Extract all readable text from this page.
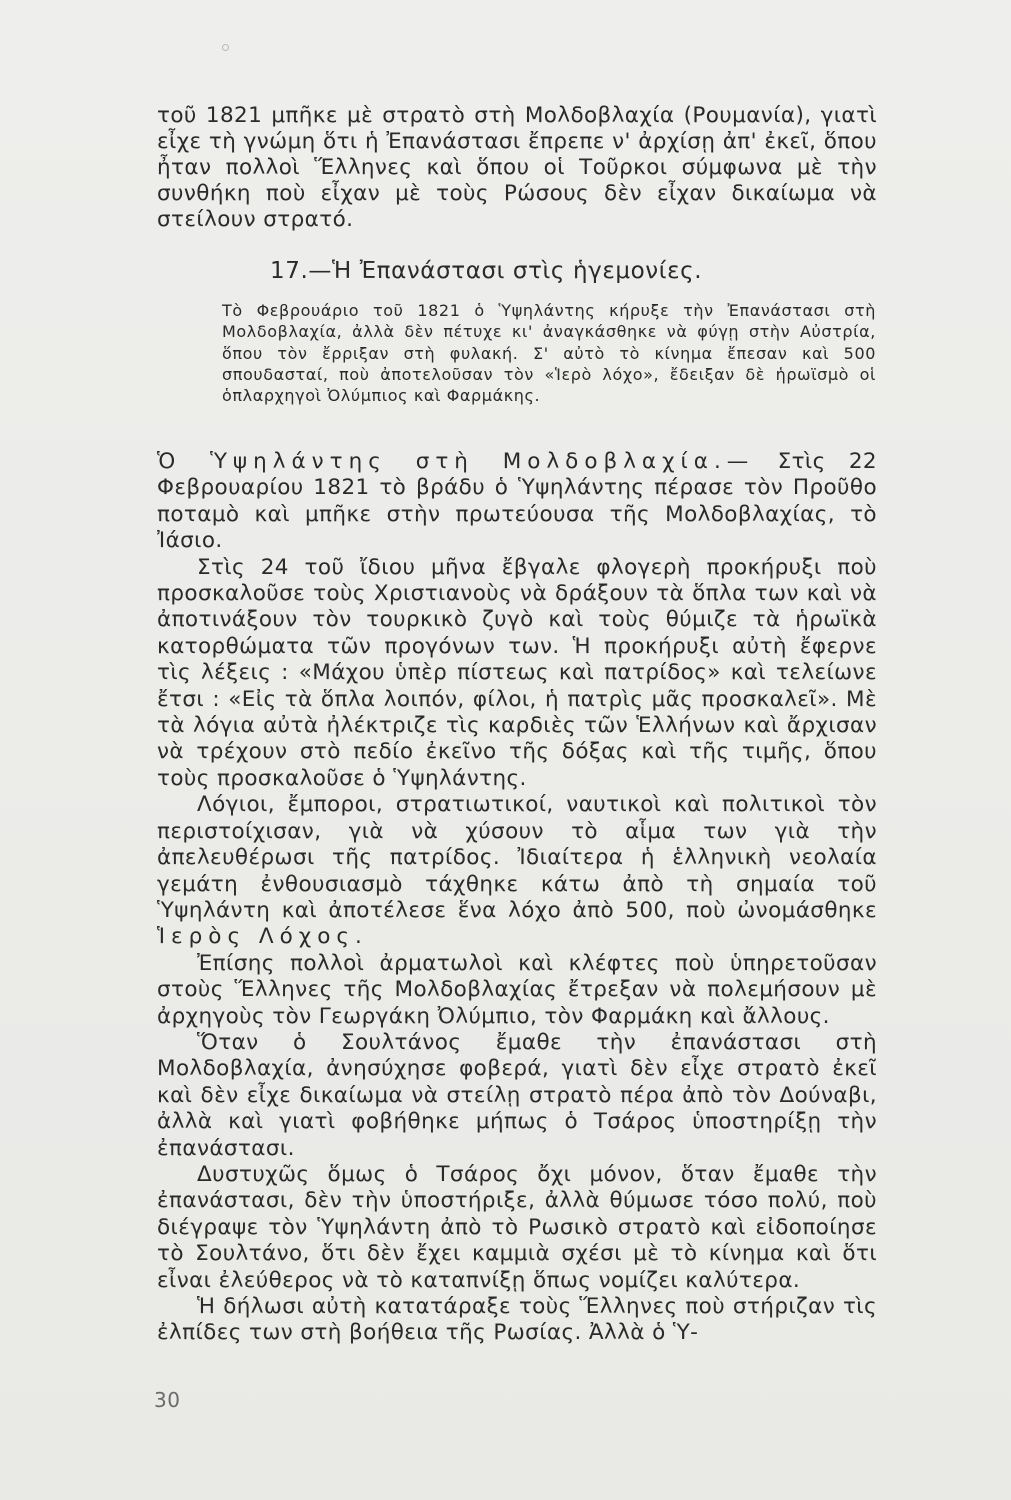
τοῦ 1821 μπῆκε μὲ στρατὸ στὴ Μολδοβλαχία (Ρουμανία), γιατὶ εἶχε τὴ γνώμη ὅτι ἡ Ἐπανάστασι ἔπρεπε ν' ἀρχίσῃ ἀπ' ἐκεῖ, ὅπου ἦταν πολλοὶ Ἕλληνες καὶ ὅπου οἱ Τοῦρκοι σύμφωνα μὲ τὴν συνθήκη ποὺ εἶχαν μὲ τοὺς Ρώσους δὲν εἶχαν δικαίωμα νὰ στείλουν στρατό.
17.—Ἡ Ἐπανάστασι στὶς ἡγεμονίες.
Τὸ Φεβρουάριο τοῦ 1821 ὁ Ὑψηλάντης κήρυξε τὴν Ἐπανάστασι στὴ Μολδοβλαχία, ἀλλὰ δὲν πέτυχε κι' ἀναγκάσθηκε νὰ φύγῃ στὴν Αὐστρία, ὅπου τὸν ἔρριξαν στὴ φυλακή. Σ' αὐτὸ τὸ κίνημα ἔπεσαν καὶ 500 σπουδασταί, ποὺ ἀποτελοῦσαν τὸν «Ἱερὸ λόχο», ἔδειξαν δὲ ἡρωϊσμὸ οἱ ὁπλαρχηγοὶ Ὀλύμπιος καὶ Φαρμάκης.

Ὁ Ὑψηλάντης στὴ Μολδοβλαχία.— Στὶς 22 Φεβρουαρίου 1821 τὸ βράδυ ὁ Ὑψηλάντης πέρασε τὸν Προῦθο ποταμὸ καὶ μπῆκε στὴν πρωτεύουσα τῆς Μολδοβλαχίας, τὸ Ἰάσιο.

Στὶς 24 τοῦ ἴδιου μῆνα ἔβγαλε φλογερὴ προκήρυξι ποὺ προσκαλοῦσε τοὺς Χριστιανοὺς νὰ δράξουν τὰ ὅπλα των καὶ νὰ ἀποτινάξουν τὸν τουρκικὸ ζυγὸ καὶ τοὺς θύμιζε τὰ ἡρωϊκὰ κατορθώματα τῶν προγόνων των. Ἡ προκήρυξι αὐτὴ ἔφερνε τὶς λέξεις : «Μάχου ὑπὲρ πίστεως καὶ πατρίδος» καὶ τελείωνε ἔτσι : «Εἰς τὰ ὅπλα λοιπόν, φίλοι, ἡ πατρὶς μᾶς προσκαλεῖ». Μὲ τὰ λόγια αὐτὰ ἠλέκτριζε τὶς καρδιὲς τῶν Ἑλλήνων καὶ ἄρχισαν νὰ τρέχουν στὸ πεδίο ἐκεῖνο τῆς δόξας καὶ τῆς τιμῆς, ὅπου τοὺς προσκαλοῦσε ὁ Ὑψηλάντης.

Λόγιοι, ἔμποροι, στρατιωτικοί, ναυτικοὶ καὶ πολιτικοὶ τὸν περιστοίχισαν, γιὰ νὰ χύσουν τὸ αἷμα των γιὰ τὴν ἀπελευθέρωσι τῆς πατρίδος. Ἰδιαίτερα ἡ ἑλληνικὴ νεολαία γεμάτη ἐνθουσιασμὸ τάχθηκε κάτω ἀπὸ τὴ σημαία τοῦ Ὑψηλάντη καὶ ἀποτέλεσε ἕνα λόχο ἀπὸ 500, ποὺ ὠνομάσθηκε Ἱερὸς Λόχος.

Ἐπίσης πολλοὶ ἀρματωλοὶ καὶ κλέφτες ποὺ ὑπηρετοῦσαν στοὺς Ἕλληνες τῆς Μολδοβλαχίας ἔτρεξαν νὰ πολεμήσουν μὲ ἀρχηγοὺς τὸν Γεωργάκη Ὀλύμπιο, τὸν Φαρμάκη καὶ ἄλλους.

Ὅταν ὁ Σουλτάνος ἔμαθε τὴν ἐπανάστασι στὴ Μολδοβλαχία, ἀνησύχησε φοβερά, γιατὶ δὲν εἶχε στρατὸ ἐκεῖ καὶ δὲν εἶχε δικαίωμα νὰ στείλῃ στρατὸ πέρα ἀπὸ τὸν Δούναβι, ἀλλὰ καὶ γιατὶ φοβήθηκε μήπως ὁ Τσάρος ὑποστηρίξῃ τὴν ἐπανάστασι.

Δυστυχῶς ὅμως ὁ Τσάρος ὄχι μόνον, ὅταν ἔμαθε τὴν ἐπανάστασι, δὲν τὴν ὑποστήριξε, ἀλλὰ θύμωσε τόσο πολύ, ποὺ διέγραψε τὸν Ὑψηλάντη ἀπὸ τὸ Ρωσικὸ στρατὸ καὶ εἰδοποίησε τὸ Σουλτάνο, ὅτι δὲν ἔχει καμμιὰ σχέσι μὲ τὸ κίνημα καὶ ὅτι εἶναι ἐλεύθερος νὰ τὸ καταπνίξῃ ὅπως νομίζει καλύτερα.

Ἡ δήλωσι αὐτὴ κατατάραξε τοὺς Ἕλληνες ποὺ στήριζαν τὶς ἐλπίδες των στὴ βοήθεια τῆς Ρωσίας. Ἀλλὰ ὁ Ὑ-

30
